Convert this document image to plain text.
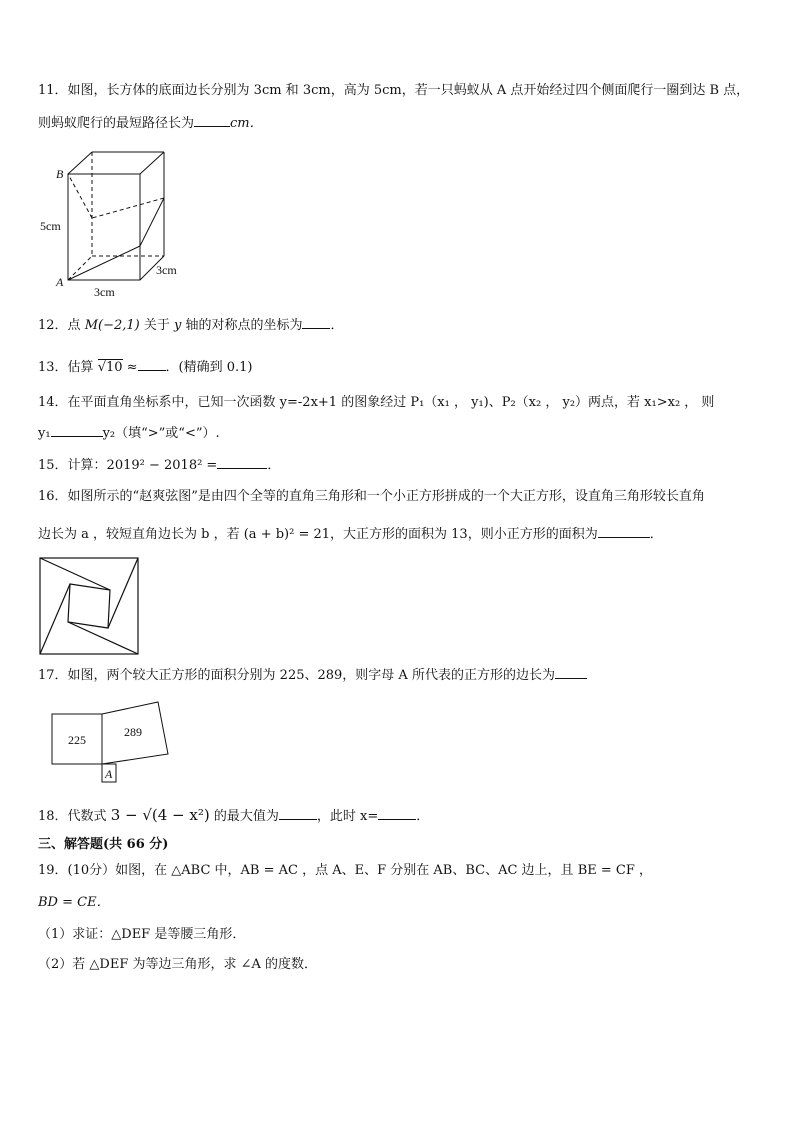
11．如图，长方体的底面边长分别为 3cm 和 3cm，高为 5cm，若一只蚂蚁从 A 点开始经过四个侧面爬行一圈到达 B 点，
则蚂蚁爬行的最短路径长为	cm．
B
A
5cm
3cm
3cm
12．点 M(−2,1) 关于 y 轴的对称点的坐标为 ．
13．估算 √10 ≈ ．(精确到 0.1)
14．在平面直角坐标系中，已知一次函数 y=-2x+1 的图象经过 P₁（x₁ ， y₁)、P₂（x₂ ， y₂）两点，若 x₁>x₂ ， 则
y₁	y₂（填“>”或“<”）.
15．计算：2019² − 2018² =	．
16．如图所示的“赵爽弦图”是由四个全等的直角三角形和一个小正方形拼成的一个大正方形，设直角三角形较长直角
边长为 a ，较短直角边长为 b ，若 (a + b)² = 21，大正方形的面积为 13，则小正方形的面积为	．
17．如图，两个较大正方形的面积分别为 225、289，则字母 A 所代表的正方形的边长为
225
289
A
18．代数式 3 − √(4 − x²) 的最大值为	，此时 x=	．
三、解答题(共 66 分)
19．(10分）如图，在 △ABC 中，AB = AC ，点 A、E、F 分别在 AB、BC、AC 边上，且 BE = CF ，
BD = CE．
（1）求证：△DEF 是等腰三角形．
（2）若 △DEF 为等边三角形，求 ∠A 的度数．
